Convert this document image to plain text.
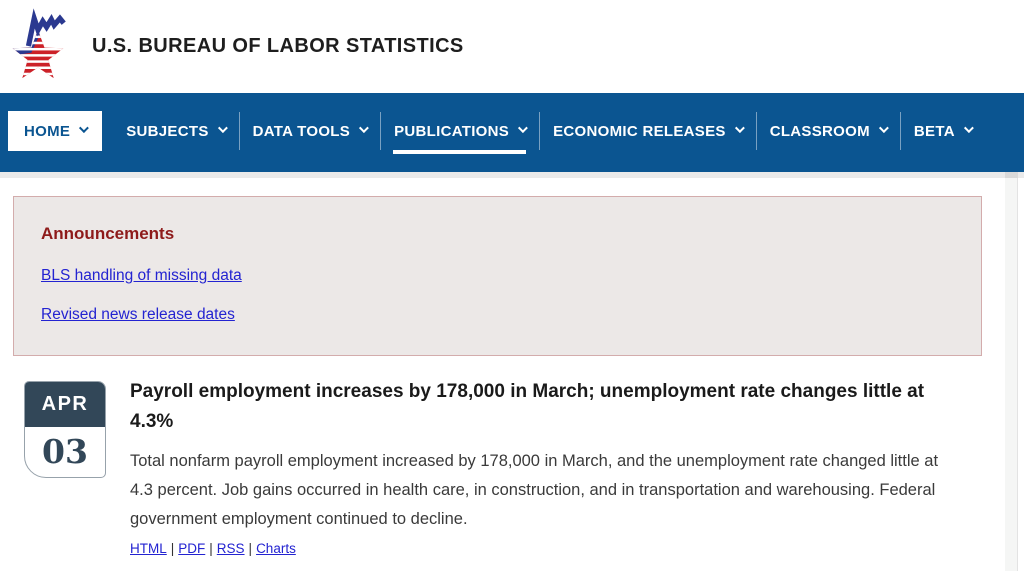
U.S. BUREAU OF LABOR STATISTICS
HOME	SUBJECTS	DATA TOOLS	PUBLICATIONS	ECONOMIC RELEASES	CLASSROOM	BETA
Announcements
BLS handling of missing data
Revised news release dates
APR
03
Payroll employment increases by 178,000 in March; unemployment rate changes little at 4.3%

Total nonfarm payroll employment increased by 178,000 in March, and the unemployment rate changed little at 4.3 percent. Job gains occurred in health care, in construction, and in transportation and warehousing. Federal government employment continued to decline.

HTML | PDF | RSS | Charts
